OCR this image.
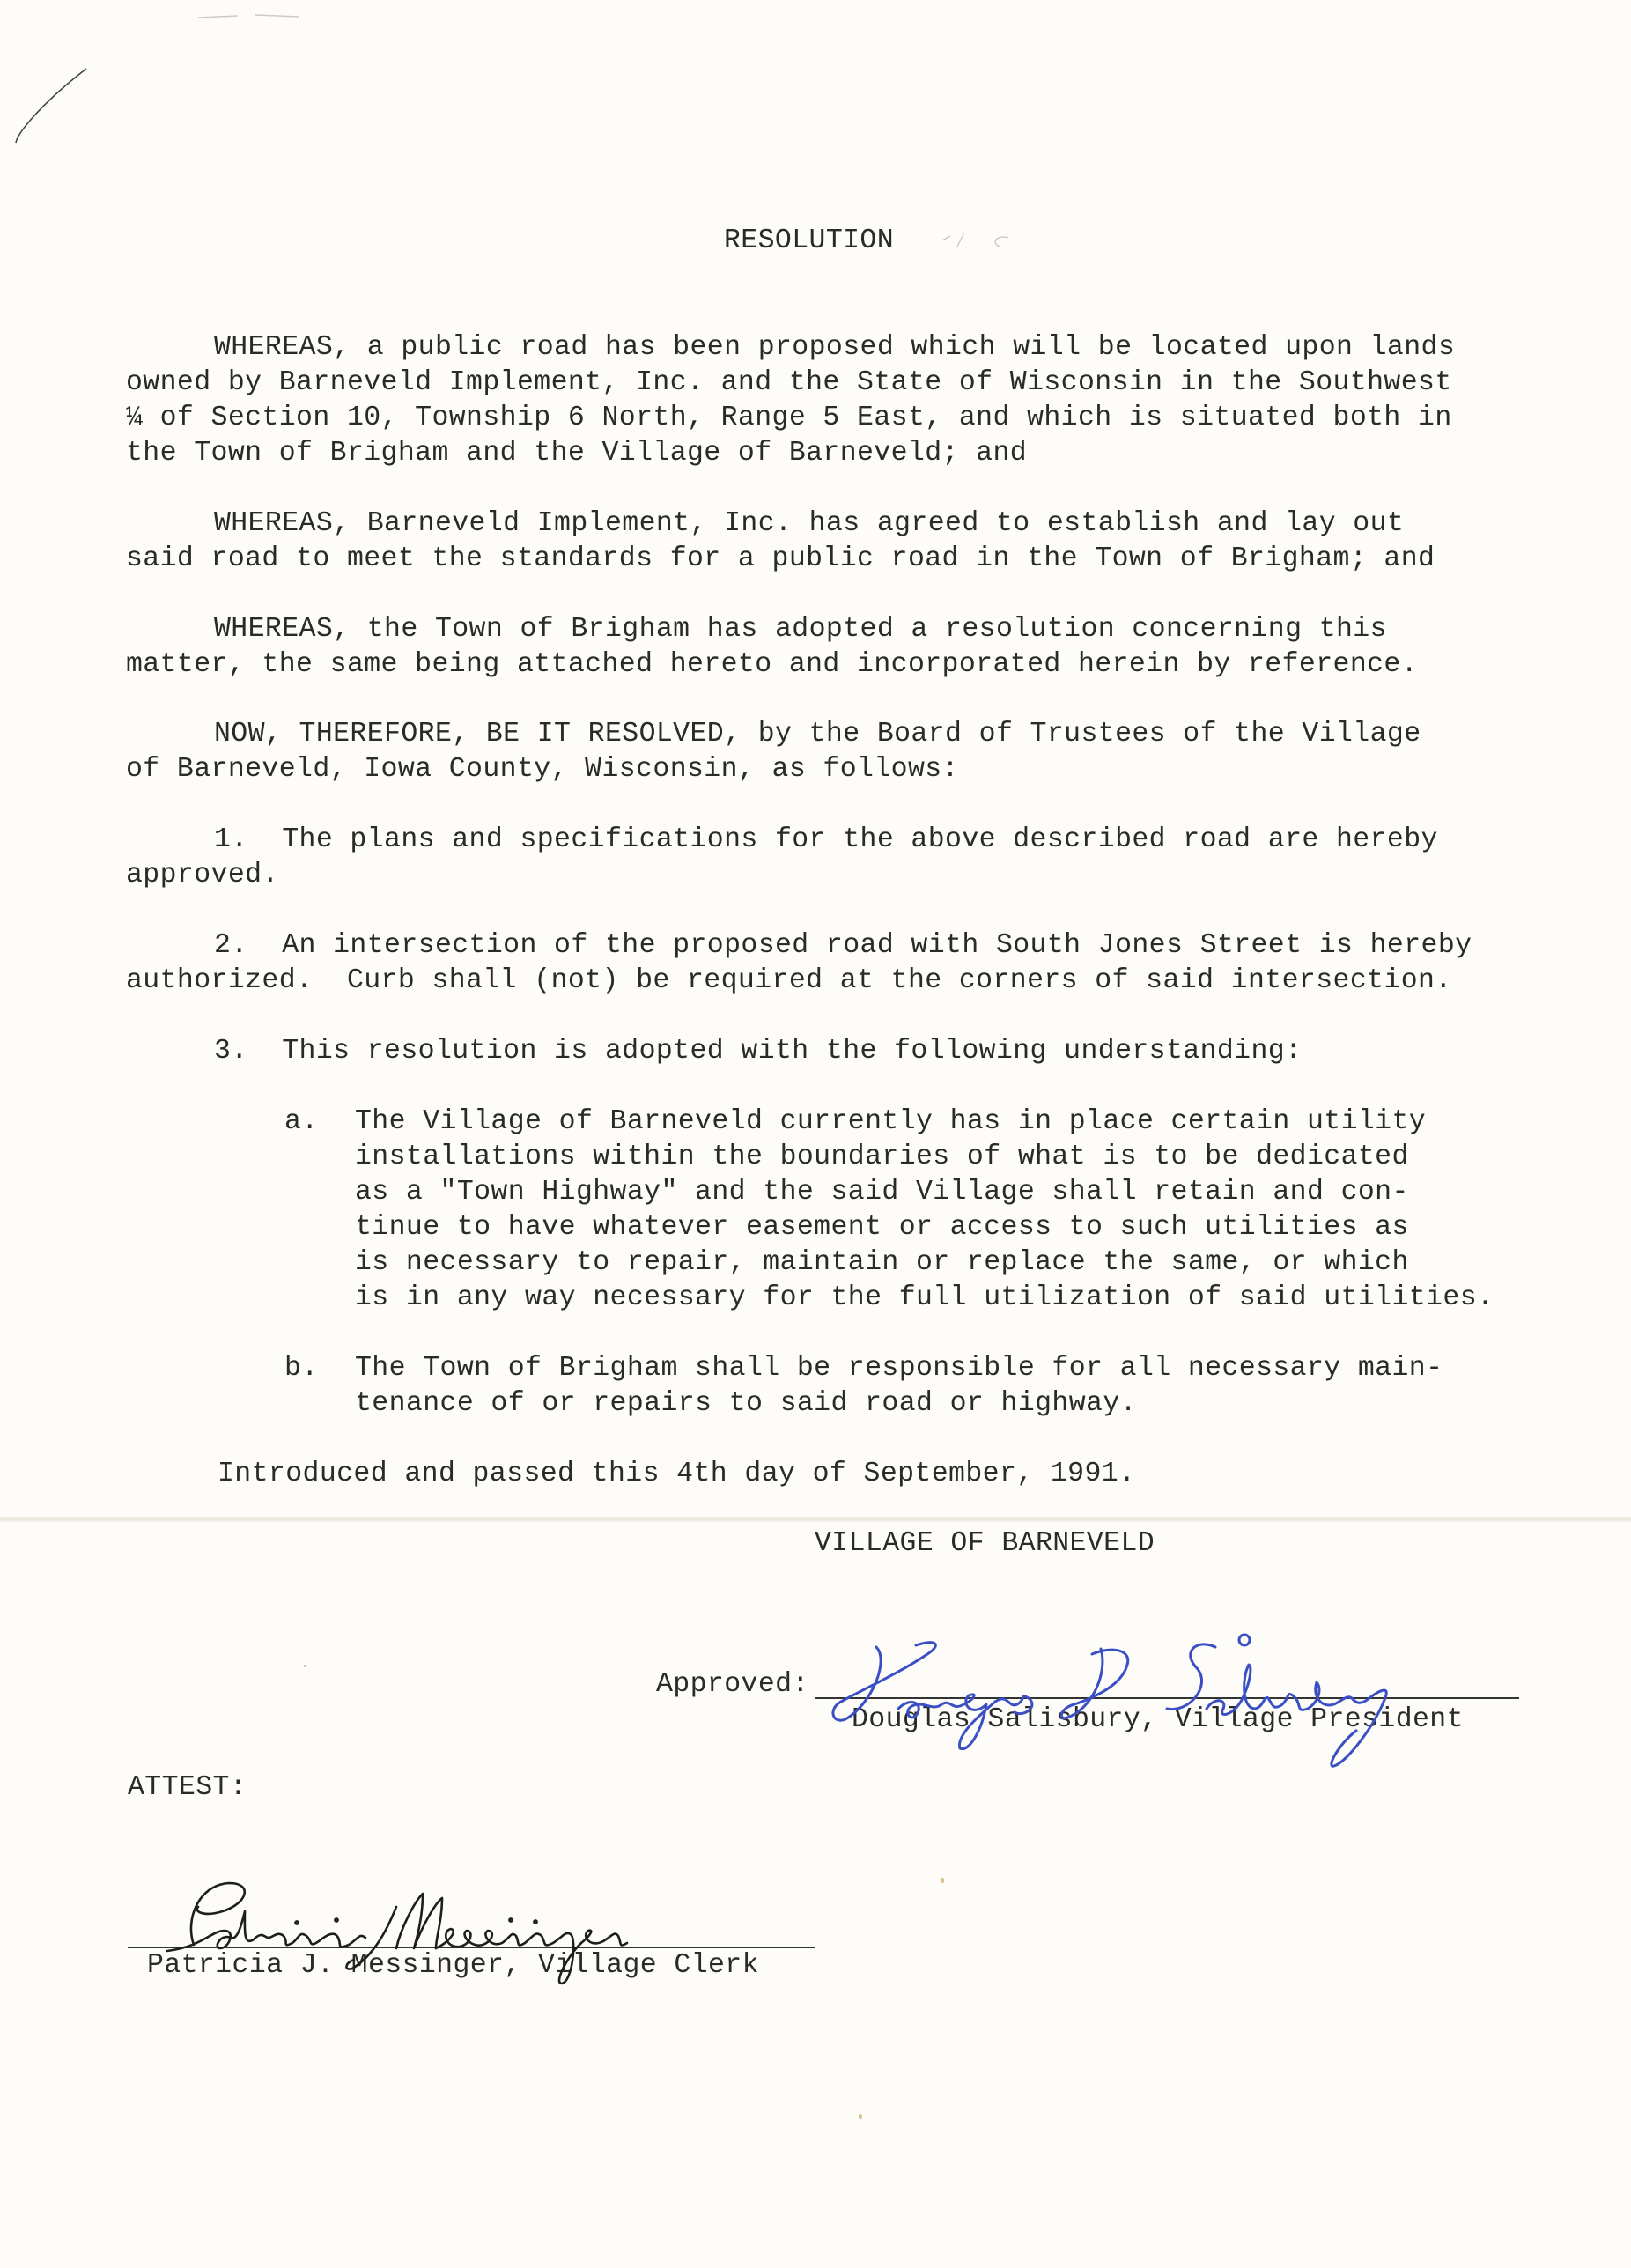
RESOLUTION
WHEREAS, a public road has been proposed which will be located upon lands
owned by Barneveld Implement, Inc. and the State of Wisconsin in the Southwest
¼ of Section 10, Township 6 North, Range 5 East, and which is situated both in
the Town of Brigham and the Village of Barneveld; and
WHEREAS, Barneveld Implement, Inc. has agreed to establish and lay out
said road to meet the standards for a public road in the Town of Brigham; and
WHEREAS, the Town of Brigham has adopted a resolution concerning this
matter, the same being attached hereto and incorporated herein by reference.
NOW, THEREFORE, BE IT RESOLVED, by the Board of Trustees of the Village
of Barneveld, Iowa County, Wisconsin, as follows:
1.  The plans and specifications for the above described road are hereby
approved.
2.  An intersection of the proposed road with South Jones Street is hereby
authorized.  Curb shall (not) be required at the corners of said intersection.
3.  This resolution is adopted with the following understanding:
a. The Village of Barneveld currently has in place certain utility
installations within the boundaries of what is to be dedicated
as a "Town Highway" and the said Village shall retain and con-
tinue to have whatever easement or access to such utilities as
is necessary to repair, maintain or replace the same, or which
is in any way necessary for the full utilization of said utilities.
b. The Town of Brigham shall be responsible for all necessary main-
tenance of or repairs to said road or highway.
Introduced and passed this 4th day of September, 1991.
VILLAGE OF BARNEVELD
Approved:
Douglas Salisbury, Village President
ATTEST:
Patricia J. Messinger, Village Clerk
